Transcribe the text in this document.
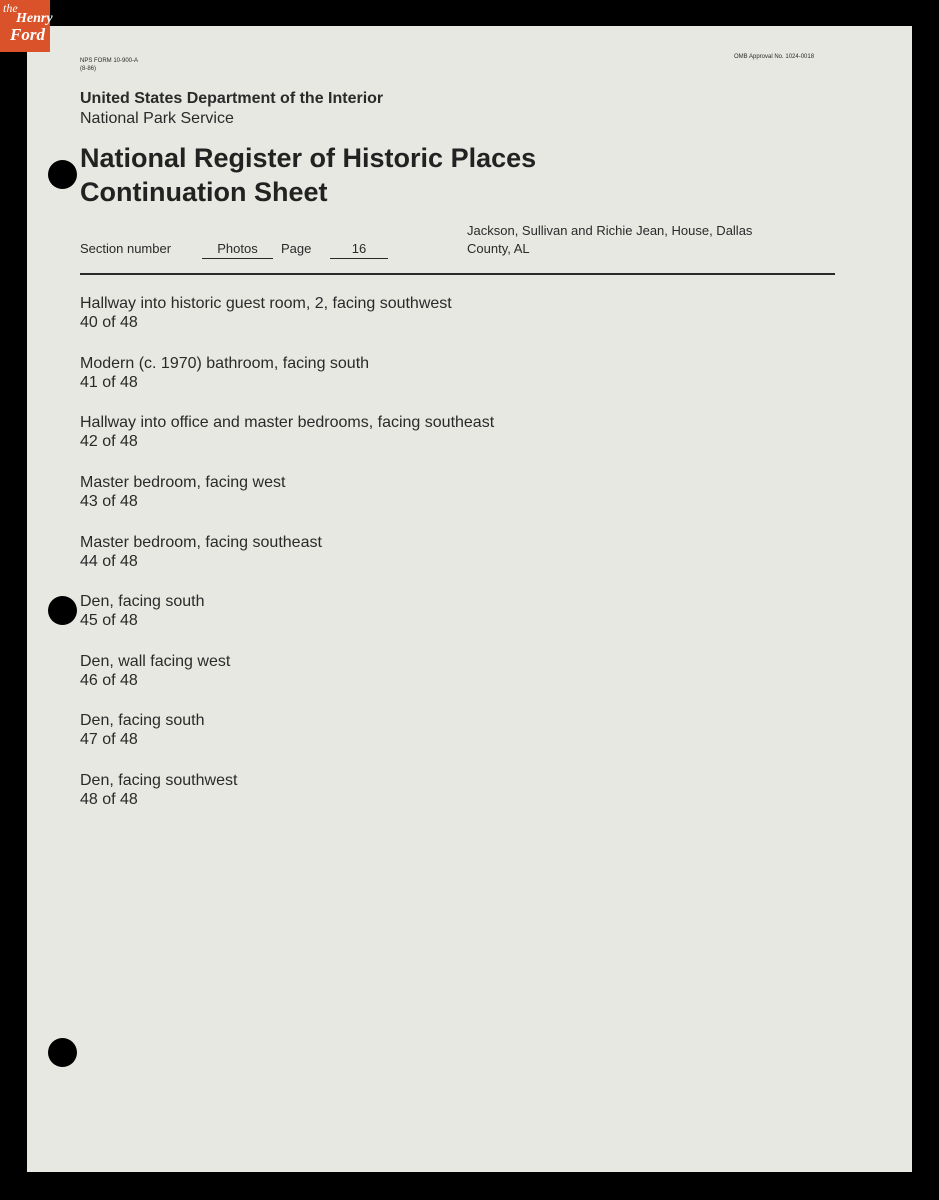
the
Henry
Ford
NPS FORM 10-900-A
(8-86)
OMB Approval No. 1024-0018
United States Department of the Interior
National Park Service
National Register of Historic Places
Continuation Sheet
Section number	Photos	Page	16
Jackson, Sullivan and Richie Jean, House, Dallas
County, AL
Hallway into historic guest room, 2, facing southwest
40 of 48
Modern (c. 1970) bathroom, facing south
41 of 48
Hallway into office and master bedrooms, facing southeast
42 of 48
Master bedroom, facing west
43 of 48
Master bedroom, facing southeast
44 of 48
Den, facing south
45 of 48
Den, wall facing west
46 of 48
Den, facing south
47 of 48
Den, facing southwest
48 of 48
